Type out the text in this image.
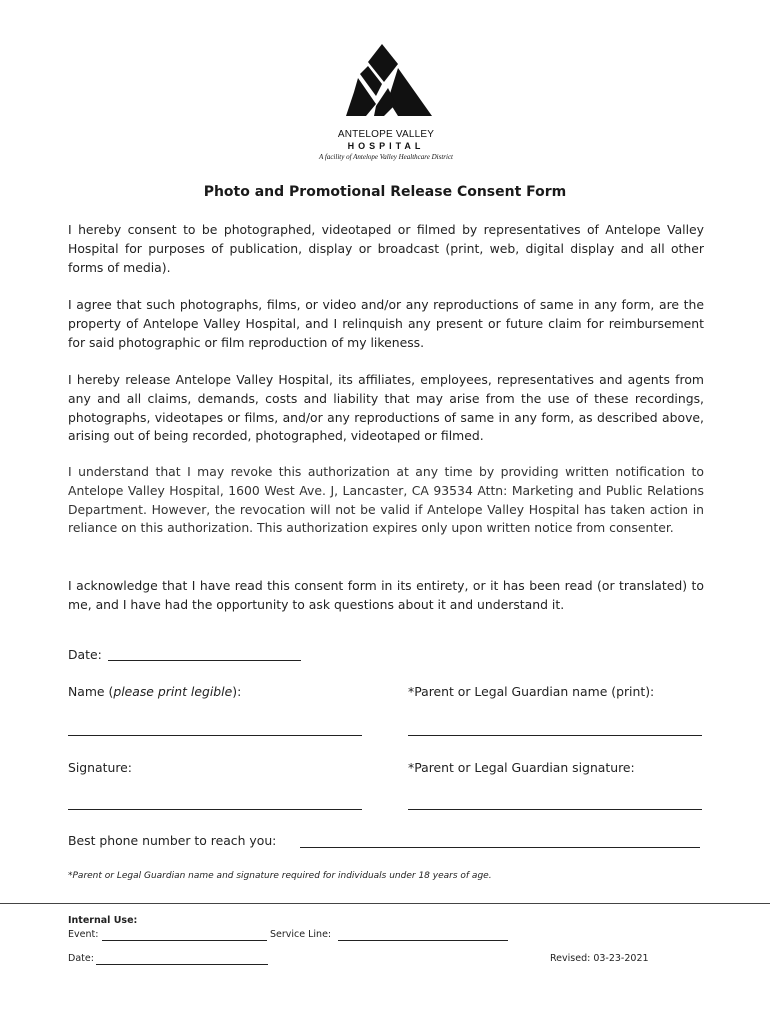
ANTELOPE VALLEY
HOSPITAL
A facility of Antelope Valley Healthcare District
Photo and Promotional Release Consent Form

I hereby consent to be photographed, videotaped or filmed by representatives of Antelope Valley Hospital for purposes of publication, display or broadcast (print, web, digital display and all other forms of media).

I agree that such photographs, films, or video and/or any reproductions of same in any form, are the property of Antelope Valley Hospital, and I relinquish any present or future claim for reimbursement for said photographic or film reproduction of my likeness.

I hereby release Antelope Valley Hospital, its affiliates, employees, representatives and agents from any and all claims, demands, costs and liability that may arise from the use of these recordings, photographs, videotapes or films, and/or any reproductions of same in any form, as described above, arising out of being recorded, photographed, videotaped or filmed.

I understand that I may revoke this authorization at any time by providing written notification to Antelope Valley Hospital, 1600 West Ave. J, Lancaster, CA 93534 Attn: Marketing and Public Relations Department. However, the revocation will not be valid if Antelope Valley Hospital has taken action in reliance on this authorization. This authorization expires only upon written notice from consenter.

I acknowledge that I have read this consent form in its entirety, or it has been read (or translated) to me, and I have had the opportunity to ask questions about it and understand it.

Date:
Name (please print legible):	*Parent or Legal Guardian name (print):
Signature:	*Parent or Legal Guardian signature:
Best phone number to reach you:
*Parent or Legal Guardian name and signature required for individuals under 18 years of age.
Internal Use:
Event:	Service Line:
Date:	Revised: 03-23-2021
